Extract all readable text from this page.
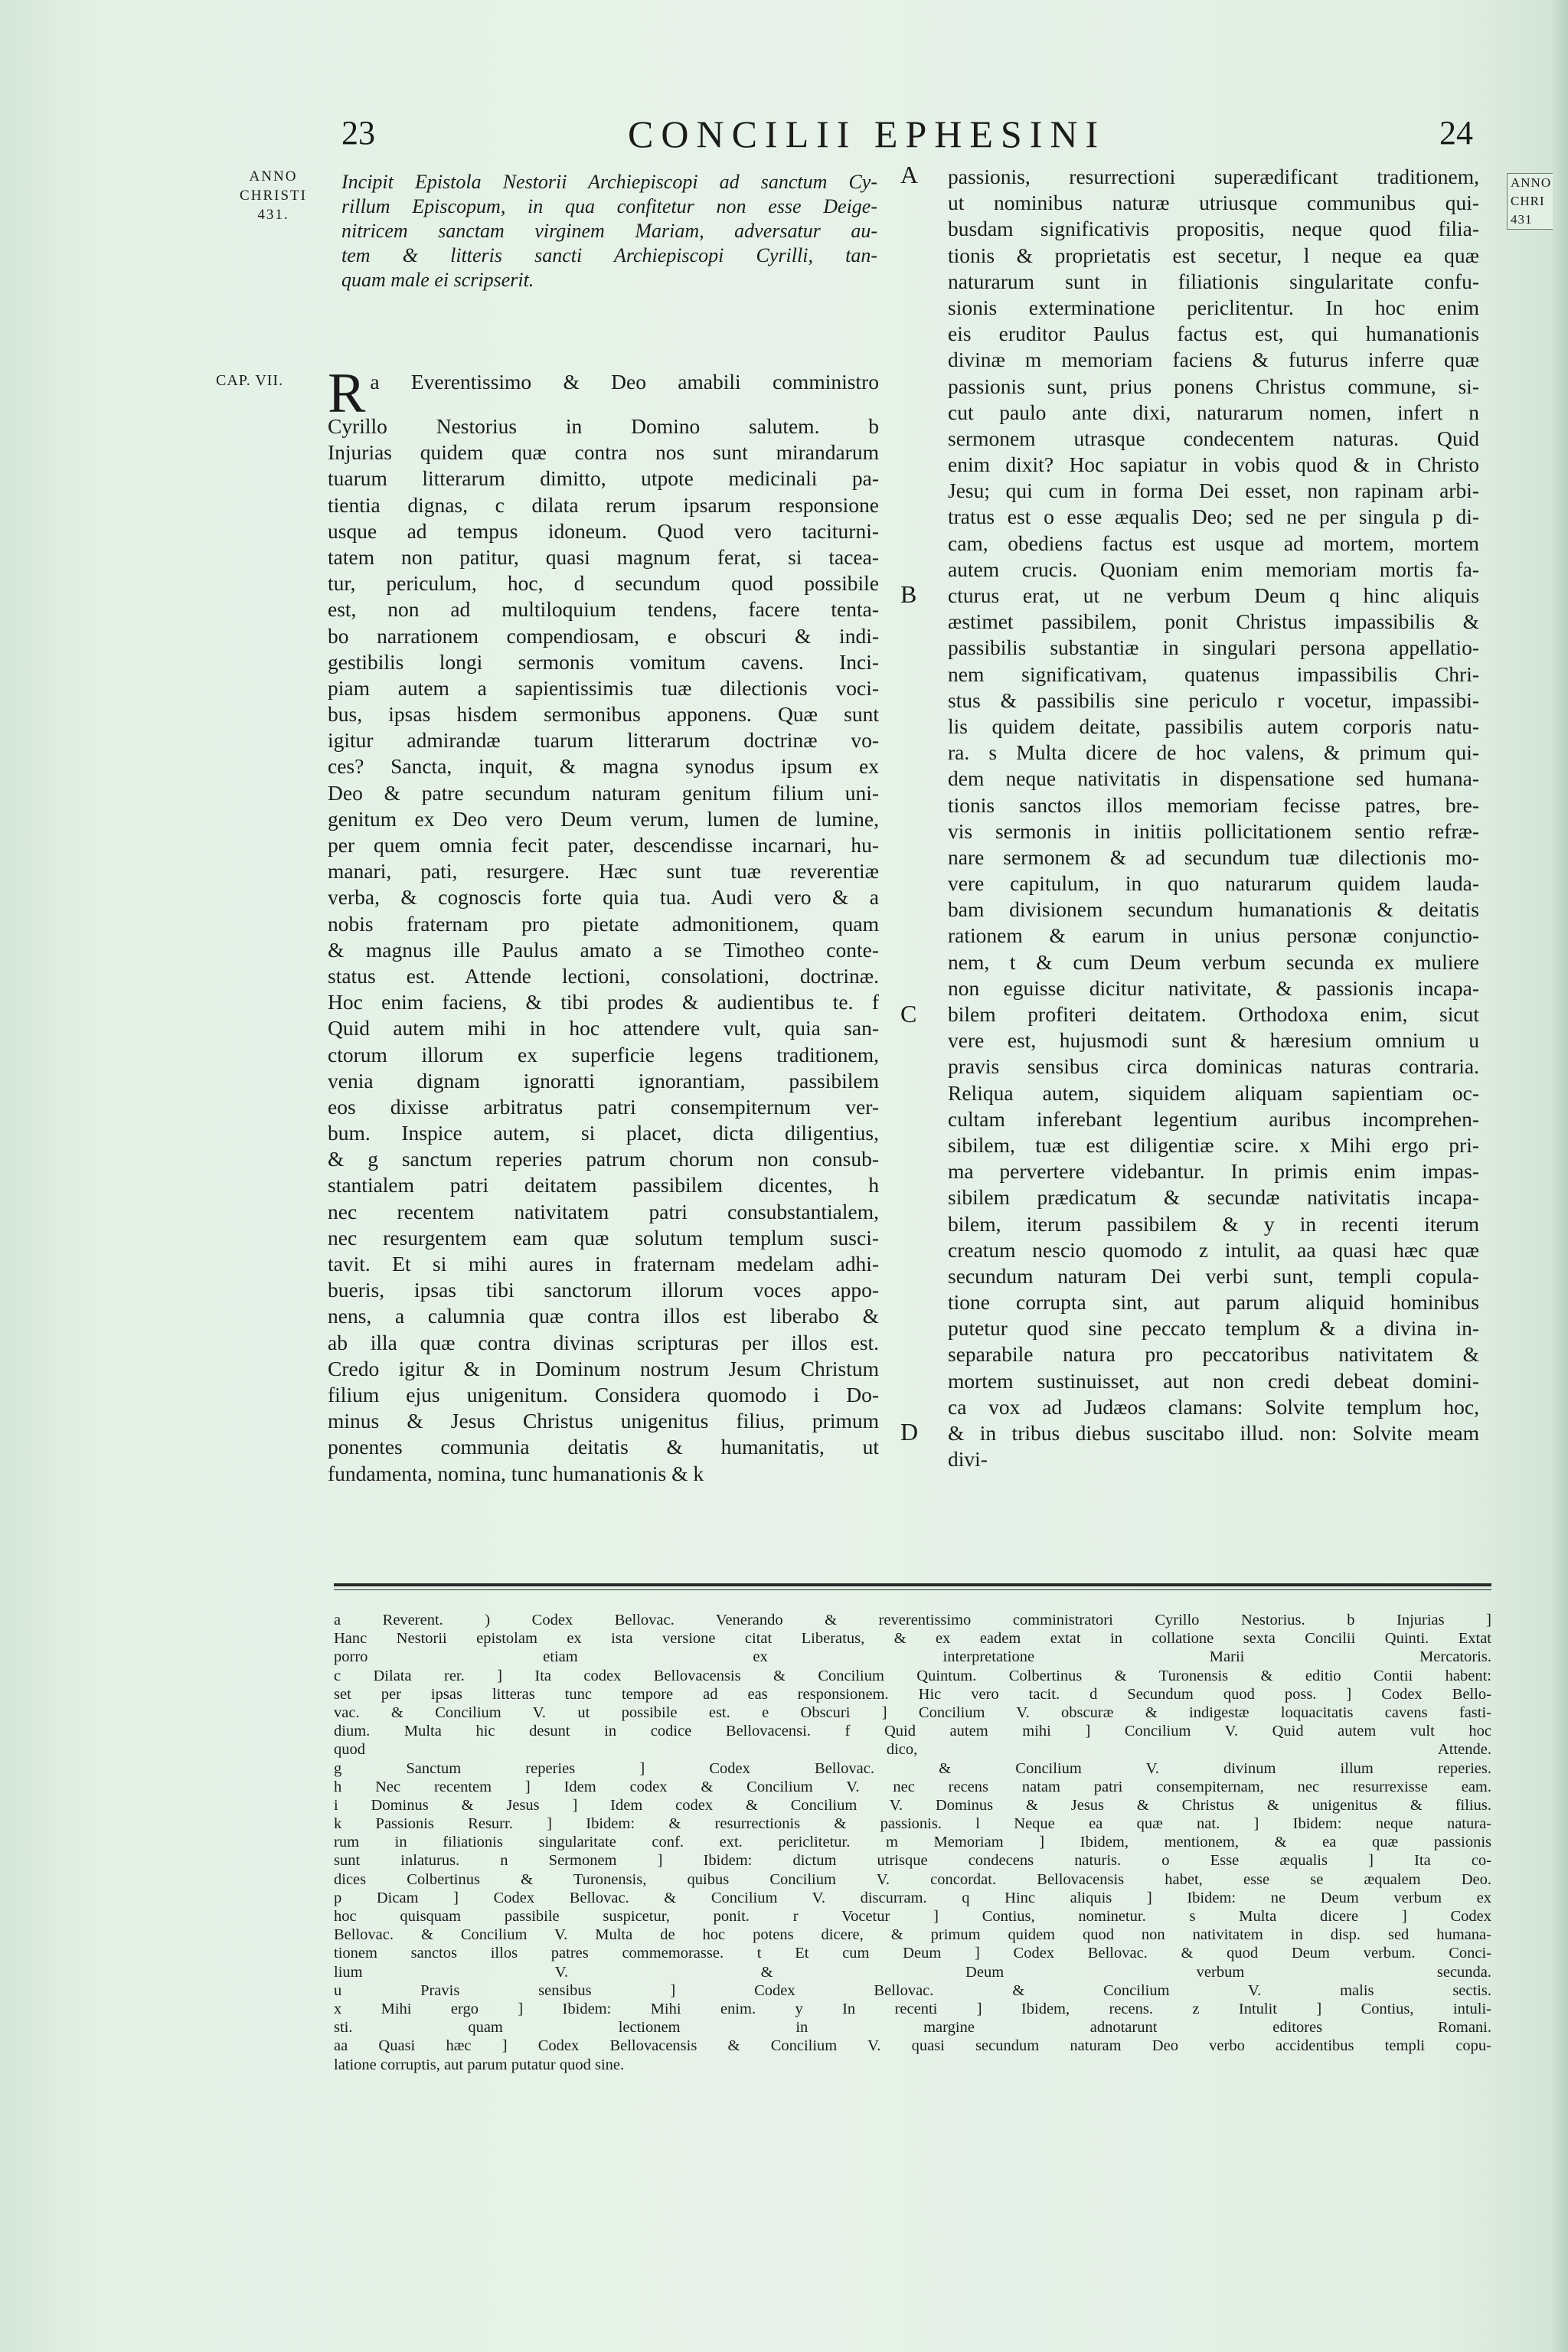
23	CONCILII EPHESINI	24
ANNO
CHRISTI
431.
ANNO
CHRI
431
CAP. VII.
Incipit Epistola Nestorii Archiepiscopi ad sanctum Cy-
rillum Episcopum, in qua confitetur non esse Deige-
nitricem sanctam virginem Mariam, adversatur au-
tem & litteris sancti Archiepiscopi Cyrilli, tan-
quam male ei scripserit.
Ra Everentissimo & Deo amabili comministro
Cyrillo Nestorius in Domino salutem. b
Injurias quidem quæ contra nos sunt mirandarum
tuarum litterarum dimitto, utpote medicinali pa-
tientia dignas, c dilata rerum ipsarum responsione
usque ad tempus idoneum. Quod vero taciturni-
tatem non patitur, quasi magnum ferat, si tacea-
tur, periculum, hoc, d secundum quod possibile
est, non ad multiloquium tendens, facere tenta-
bo narrationem compendiosam, e obscuri & indi-
gestibilis longi sermonis vomitum cavens. Inci-
piam autem a sapientissimis tuæ dilectionis voci-
bus, ipsas hisdem sermonibus apponens. Quæ sunt
igitur admirandæ tuarum litterarum doctrinæ vo-
ces? Sancta, inquit, & magna synodus ipsum ex
Deo & patre secundum naturam genitum filium uni-
genitum ex Deo vero Deum verum, lumen de lumine,
per quem omnia fecit pater, descendisse incarnari, hu-
manari, pati, resurgere. Hæc sunt tuæ reverentiæ
verba, & cognoscis forte quia tua. Audi vero & a
nobis fraternam pro pietate admonitionem, quam
& magnus ille Paulus amato a se Timotheo conte-
status est. Attende lectioni, consolationi, doctrinæ.
Hoc enim faciens, & tibi prodes & audientibus te. f
Quid autem mihi in hoc attendere vult, quia san-
ctorum illorum ex superficie legens traditionem,
venia dignam ignoratti ignorantiam, passibilem
eos dixisse arbitratus patri consempiternum ver-
bum. Inspice autem, si placet, dicta diligentius,
& g sanctum reperies patrum chorum non consub-
stantialem patri deitatem passibilem dicentes, h
nec recentem nativitatem patri consubstantialem,
nec resurgentem eam quæ solutum templum susci-
tavit. Et si mihi aures in fraternam medelam adhi-
bueris, ipsas tibi sanctorum illorum voces appo-
nens, a calumnia quæ contra illos est liberabo &
ab illa quæ contra divinas scripturas per illos est.
Credo igitur & in Dominum nostrum Jesum Christum
filium ejus unigenitum. Considera quomodo i Do-
minus & Jesus Christus unigenitus filius, primum
ponentes communia deitatis & humanitatis, ut
fundamenta, nomina, tunc humanationis & k
passionis, resurrectioni superædificant traditionem,
ut nominibus naturæ utriusque communibus qui-
busdam significativis propositis, neque quod filia-
tionis & proprietatis est secetur, l neque ea quæ
naturarum sunt in filiationis singularitate confu-
sionis exterminatione periclitentur. In hoc enim
eis eruditor Paulus factus est, qui humanationis
divinæ m memoriam faciens & futurus inferre quæ
passionis sunt, prius ponens Christus commune, si-
cut paulo ante dixi, naturarum nomen, infert n
sermonem utrasque condecentem naturas. Quid
enim dixit? Hoc sapiatur in vobis quod & in Christo
Jesu; qui cum in forma Dei esset, non rapinam arbi-
tratus est o esse æqualis Deo; sed ne per singula p di-
cam, obediens factus est usque ad mortem, mortem
autem crucis. Quoniam enim memoriam mortis fa-
cturus erat, ut ne verbum Deum q hinc aliquis
æstimet passibilem, ponit Christus impassibilis &
passibilis substantiæ in singulari persona appellatio-
nem significativam, quatenus impassibilis Chri-
stus & passibilis sine periculo r vocetur, impassibi-
lis quidem deitate, passibilis autem corporis natu-
ra. s Multa dicere de hoc valens, & primum qui-
dem neque nativitatis in dispensatione sed humana-
tionis sanctos illos memoriam fecisse patres, bre-
vis sermonis in initiis pollicitationem sentio refræ-
nare sermonem & ad secundum tuæ dilectionis mo-
vere capitulum, in quo naturarum quidem lauda-
bam divisionem secundum humanationis & deitatis
rationem & earum in unius personæ conjunctio-
nem, t & cum Deum verbum secunda ex muliere
non eguisse dicitur nativitate, & passionis incapa-
bilem profiteri deitatem. Orthodoxa enim, sicut
vere est, hujusmodi sunt & hæresium omnium u
pravis sensibus circa dominicas naturas contraria.
Reliqua autem, siquidem aliquam sapientiam oc-
cultam inferebant legentium auribus incomprehen-
sibilem, tuæ est diligentiæ scire. x Mihi ergo pri-
ma pervertere videbantur. In primis enim impas-
sibilem prædicatum & secundæ nativitatis incapa-
bilem, iterum passibilem & y in recenti iterum
creatum nescio quomodo z intulit, aa quasi hæc quæ
secundum naturam Dei verbi sunt, templi copula-
tione corrupta sint, aut parum aliquid hominibus
putetur quod sine peccato templum & a divina in-
separabile natura pro peccatoribus nativitatem &
mortem sustinuisset, aut non credi debeat domini-
ca vox ad Judæos clamans: Solvite templum hoc,
& in tribus diebus suscitabo illud. non: Solvite meam
divi-
A
B
C
D
a Reverent. ) Codex Bellovac. Venerando & reverentissimo comministratori Cyrillo Nestorius. b Injurias ]
Hanc Nestorii epistolam ex ista versione citat Liberatus, & ex eadem extat in collatione sexta Concilii Quinti. Extat
porro etiam ex interpretatione Marii Mercatoris.
c Dilata rer. ] Ita codex Bellovacensis & Concilium Quintum. Colbertinus & Turonensis & editio Contii habent:
set per ipsas litteras tunc tempore ad eas responsionem. Hic vero tacit. d Secundum quod poss. ] Codex Bello-
vac. & Concilium V. ut possibile est. e Obscuri ] Concilium V. obscuræ & indigestæ loquacitatis cavens fasti-
dium. Multa hic desunt in codice Bellovacensi. f Quid autem mihi ] Concilium V. Quid autem vult hoc
quod dico, Attende.
g Sanctum reperies ] Codex Bellovac. & Concilium V. divinum illum reperies.
h Nec recentem ] Idem codex & Concilium V. nec recens natam patri consempiternam, nec resurrexisse eam.
i Dominus & Jesus ] Idem codex & Concilium V. Dominus & Jesus & Christus & unigenitus & filius.
k Passionis Resurr. ] Ibidem: & resurrectionis & passionis. l Neque ea quæ nat. ] Ibidem: neque natura-
rum in filiationis singularitate conf. ext. periclitetur. m Memoriam ] Ibidem, mentionem, & ea quæ passionis
sunt inlaturus. n Sermonem ] Ibidem: dictum utrisque condecens naturis. o Esse æqualis ] Ita co-
dices Colbertinus & Turonensis, quibus Concilium V. concordat. Bellovacensis habet, esse se æqualem Deo.
p Dicam ] Codex Bellovac. & Concilium V. discurram. q Hinc aliquis ] Ibidem: ne Deum verbum ex
hoc quisquam passibile suspicetur, ponit. r Vocetur ] Contius, nominetur. s Multa dicere ] Codex
Bellovac. & Concilium V. Multa de hoc potens dicere, & primum quidem quod non nativitatem in disp. sed humana-
tionem sanctos illos patres commemorasse. t Et cum Deum ] Codex Bellovac. & quod Deum verbum. Conci-
lium V. & Deum verbum secunda.
u Pravis sensibus ] Codex Bellovac. & Concilium V. malis sectis.
x Mihi ergo ] Ibidem: Mihi enim. y In recenti ] Ibidem, recens. z Intulit ] Contius, intuli-
sti. quam lectionem in margine adnotarunt editores Romani.
aa Quasi hæc ] Codex Bellovacensis & Concilium V. quasi secundum naturam Deo verbo accidentibus templi copu-
latione corruptis, aut parum putatur quod sine.
